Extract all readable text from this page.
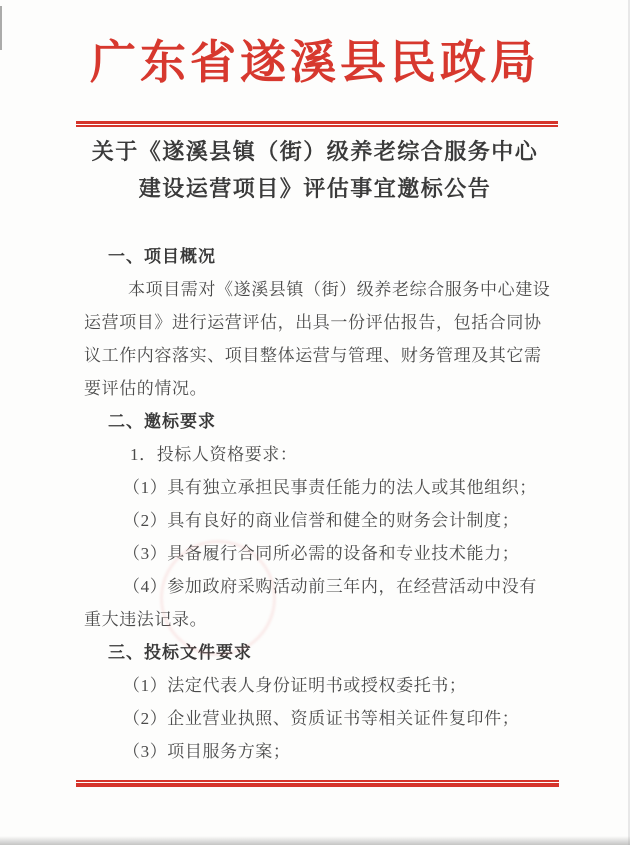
广东省遂溪县民政局
关于《遂溪县镇（街）级养老综合服务中心
建设运营项目》评估事宜邀标公告
一、项目概况
本项目需对《遂溪县镇（街）级养老综合服务中心建设
运营项目》进行运营评估，出具一份评估报告，包括合同协
议工作内容落实、项目整体运营与管理、财务管理及其它需
要评估的情况。
二、邀标要求
1．投标人资格要求：
（1）具有独立承担民事责任能力的法人或其他组织；
（2）具有良好的商业信誉和健全的财务会计制度；
（3）具备履行合同所必需的设备和专业技术能力；
（4）参加政府采购活动前三年内，在经营活动中没有
重大违法记录。
三、投标文件要求
（1）法定代表人身份证明书或授权委托书；
（2）企业营业执照、资质证书等相关证件复印件；
（3）项目服务方案；
